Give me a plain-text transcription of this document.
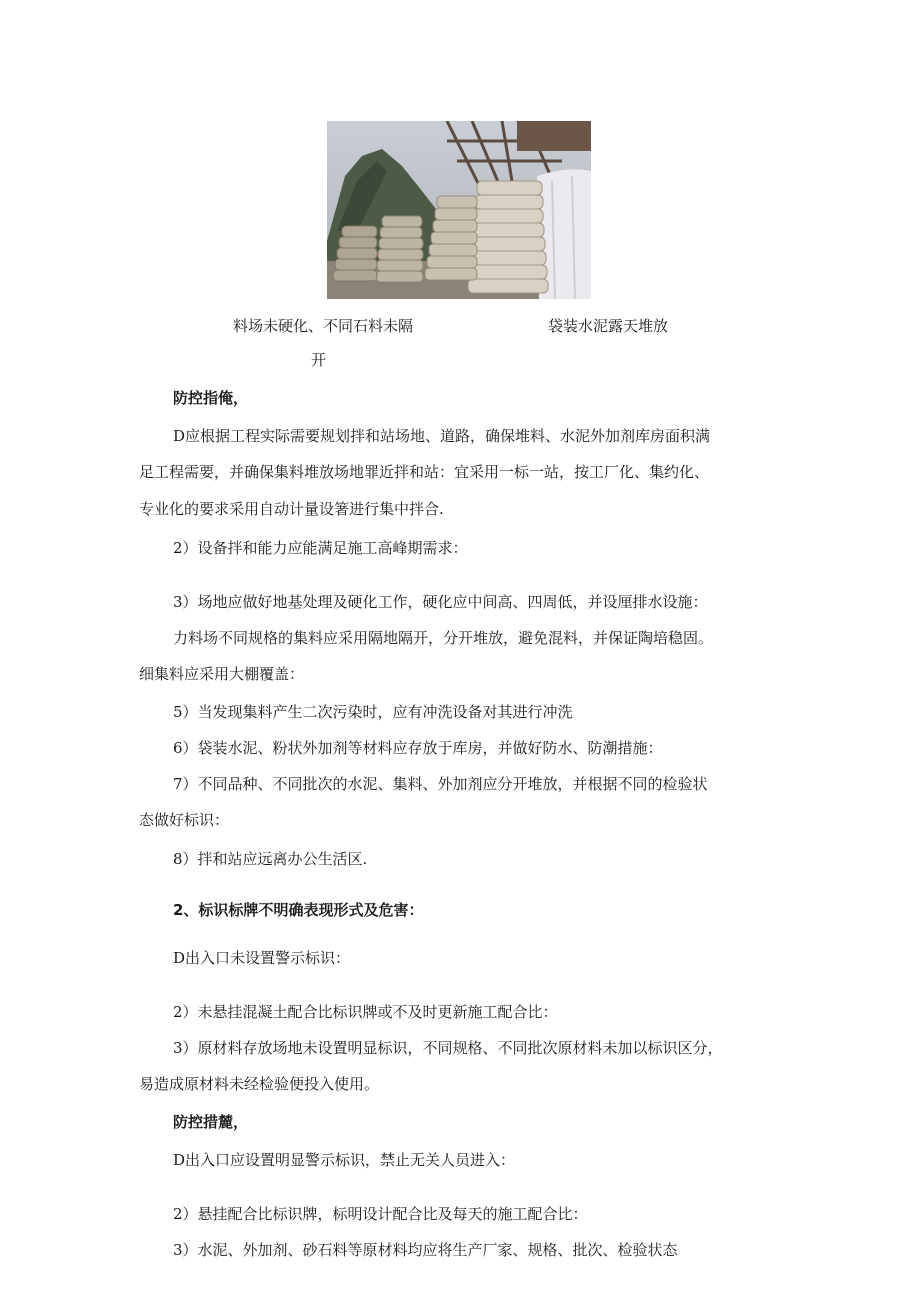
料场未硬化、不同石料未隔
开
袋装水泥露天堆放
防控指俺，
D应根据工程实际需要规划拌和站场地、道路，确保堆料、水泥外加剂库房面积满
足工程需要，并确保集料堆放场地罪近拌和站：宜采用一标一站，按工厂化、集约化、
专业化的要求采用自动计量设箸进行集中拌合.
2）设备拌和能力应能满足施工高峰期需求：
3）场地应做好地基处理及硬化工作，硬化应中间高、四周低，并设厘排水设施：
力料场不同规格的集料应采用隔地隔开，分开堆放，避免混料，并保证陶培稳固。
细集料应采用大棚覆盖：
5）当发现集料产生二次污染时，应有冲洗设备对其进行冲洗
6）袋装水泥、粉状外加剂等材料应存放于库房，并做好防水、防潮措施：
7）不同品种、不同批次的水泥、集料、外加剂应分开堆放，并根据不同的检验状
态做好标识：
8）拌和站应远离办公生活区.
2、标识标牌不明确表现形式及危害：
D出入口未设置警示标识：
2）未悬挂混凝土配合比标识牌或不及时更新施工配合比：
3）原材料存放场地未设置明显标识，不同规格、不同批次原材料未加以标识区分，
易造成原材料未经检验便投入使用。
防控措麓，
D出入口应设置明显警示标识，禁止无关人员进入：
2）悬挂配合比标识牌，标明设计配合比及每天的施工配合比：
3）水泥、外加剂、砂石料等原材料均应将生产厂家、规格、批次、检验状态
